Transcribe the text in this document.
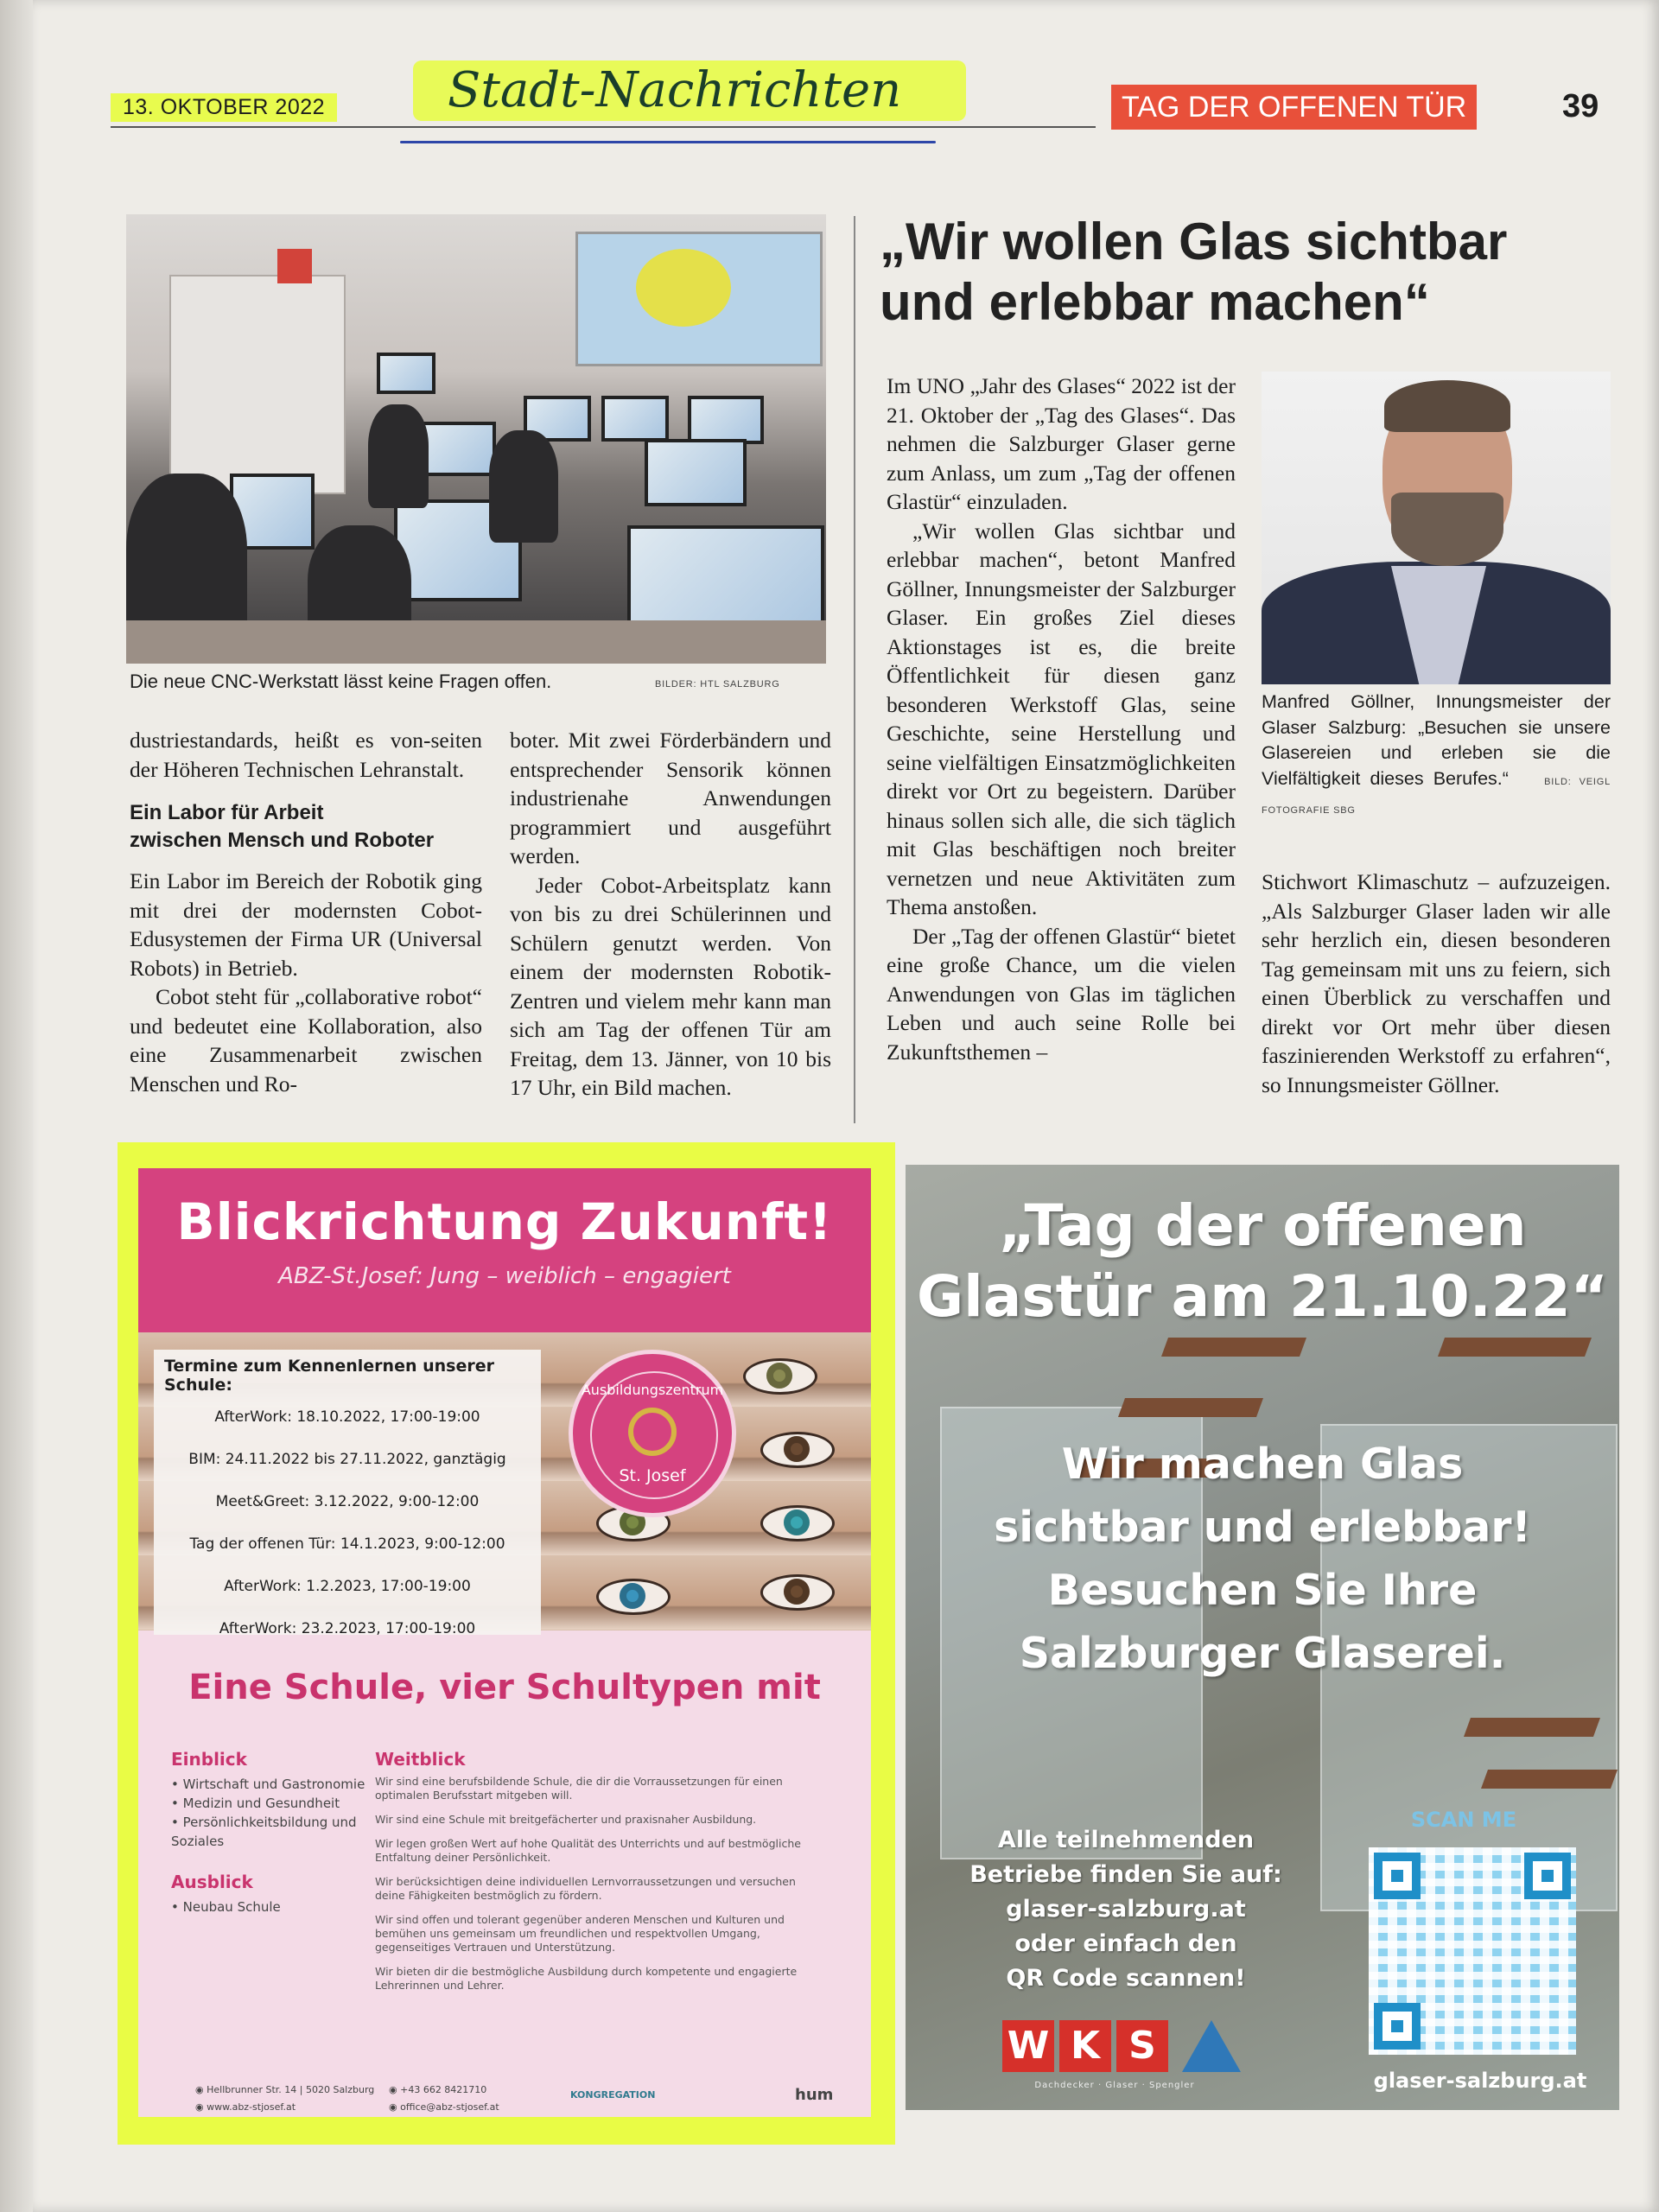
13. OKTOBER 2022	Stadt-Nachrichten	TAG DER OFFENEN TÜR	39
Die neue CNC-Werkstatt lässt keine Fragen offen.	BILDER: HTL SALZBURG

dustriestandards, heißt es von-seiten der Höheren Technischen Lehranstalt.

Ein Labor für Arbeit
zwischen Mensch und Roboter

Ein Labor im Bereich der Robotik ging mit drei der modernsten Cobot-Edusystemen der Firma UR (Universal Robots) in Betrieb.

Cobot steht für „collaborative robot“ und bedeutet eine Kollaboration, also eine Zusammenarbeit zwischen Menschen und Ro-

boter. Mit zwei Förderbändern und entsprechender Sensorik können industrienahe Anwendungen programmiert und ausgeführt werden.

Jeder Cobot-Arbeitsplatz kann von bis zu drei Schülerinnen und Schülern genutzt werden. Von einem der modernsten Robotik-Zentren und vielem mehr kann man sich am Tag der offenen Tür am Freitag, dem 13. Jänner, von 10 bis 17 Uhr, ein Bild machen.

„Wir wollen Glas sichtbar und erlebbar machen“

Im UNO „Jahr des Glases“ 2022 ist der 21. Oktober der „Tag des Glases“. Das nehmen die Salzburger Glaser gerne zum Anlass, um zum „Tag der offenen Glastür“ einzuladen.

„Wir wollen Glas sichtbar und erlebbar machen“, betont Manfred Göllner, Innungsmeister der Salzburger Glaser. Ein großes Ziel dieses Aktionstages ist es, die breite Öffentlichkeit für diesen ganz besonderen Werkstoff Glas, seine Geschichte, seine Herstellung und seine vielfältigen Einsatzmöglichkeiten direkt vor Ort zu begeistern. Darüber hinaus sollen sich alle, die sich täglich mit Glas beschäftigen noch breiter vernetzen und neue Aktivitäten zum Thema anstoßen.

Der „Tag der offenen Glastür“ bietet eine große Chance, um die vielen Anwendungen von Glas im täglichen Leben und auch seine Rolle bei Zukunftsthemen –

Manfred Göllner, Innungsmeister der Glaser Salzburg: „Besuchen sie unsere Glasereien und erleben sie die Vielfältigkeit dieses Berufes.“	BILD: VEIGL FOTOGRAFIE SBG

Stichwort Klimaschutz – aufzuzeigen. „Als Salzburger Glaser laden wir alle sehr herzlich ein, diesen besonderen Tag gemeinsam mit uns zu feiern, sich einen Überblick zu verschaffen und direkt vor Ort mehr über diesen faszinierenden Werkstoff zu erfahren“, so Innungsmeister Göllner.

Blickrichtung Zukunft!
ABZ-St.Josef: Jung – weiblich – engagiert
Termine zum Kennenlernen unserer Schule:
AfterWork: 18.10.2022, 17:00-19:00
BIM: 24.11.2022 bis 27.11.2022, ganztägig
Meet&Greet: 3.12.2022, 9:00-12:00
Tag der offenen Tür: 14.1.2023, 9:00-12:00
AfterWork: 1.2.2023, 17:00-19:00
AfterWork: 23.2.2023, 17:00-19:00
Ausbildungszentrum
St. Josef
Eine Schule, vier Schultypen mit
Einblick
• Wirtschaft und Gastronomie
• Medizin und Gesundheit
• Persönlichkeitsbildung und Soziales
Ausblick
• Neubau Schule
Weitblick
Wir sind eine berufsbildende Schule, die dir die Vorraussetzungen für einen optimalen Berufsstart mitgeben will.
Wir sind eine Schule mit breitgefächerter und praxisnaher Ausbildung.
Wir legen großen Wert auf hohe Qualität des Unterrichts und auf bestmögliche Entfaltung deiner Persönlichkeit.
Wir berücksichtigen deine individuellen Lernvorraussetzungen und versuchen deine Fähigkeiten bestmöglich zu fördern.
Wir sind offen und tolerant gegenüber anderen Menschen und Kulturen und bemühen uns gemeinsam um freundlichen und respektvollen Umgang, gegenseitiges Vertrauen und Unterstützung.
Wir bieten dir die bestmögliche Ausbildung durch kompetente und engagierte Lehrerinnen und Lehrer.
◉ Hellbrunner Str. 14 | 5020 Salzburg
◉ www.abz-stjosef.at
◉ +43 662 8421710
◉ office@abz-stjosef.at
KONGREGATION	hum
„Tag der offenen
Glastür am 21.10.22“
Wir machen Glas
sichtbar und erlebbar!
Besuchen Sie Ihre
Salzburger Glaserei.
Alle teilnehmenden
Betriebe finden Sie auf:
glaser-salzburg.at
oder einfach den
QR Code scannen!
SCAN ME
glaser-salzburg.at
W K S
Dachdecker · Glaser · Spengler
